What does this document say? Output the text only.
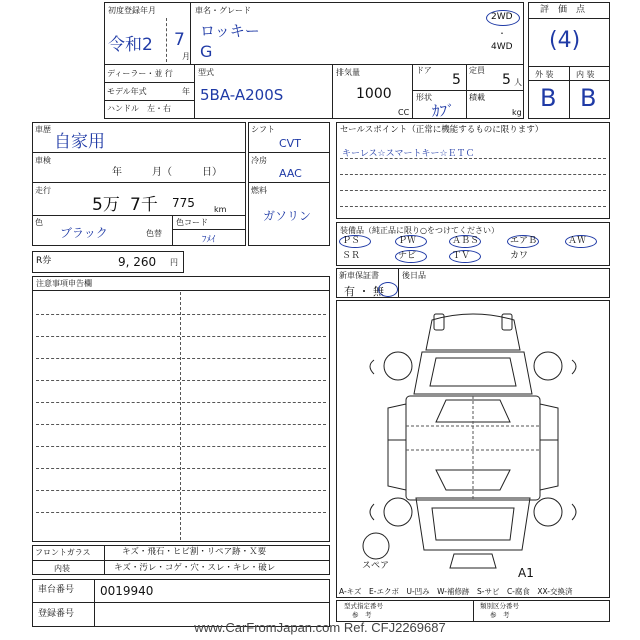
初度登録年月
令和2 7
月
車名・グレード
ロッキー
G
2WD
・
4WD
ディーラー・並 行
モデル年式	年
ハンドル　左・右
型式
5BA-A200S
排気量
1000
CC
ドア
5
定員
5 人
形状
ｶﾌﾞ
積載
kg
評　価　点
(4)
外 装	内 装
B B
車歴
自家用
車検
年　　　月（　　　日）
走行
5万 7千 775 km
色
ブラック	色替
色コード
ﾌﾒｲ
シフト
CVT
冷房
AAC
燃料
ガソリン
R券	9, 260 円
注意事項申告欄
セールスポイント（正常に機能するものに限ります）
キーレス☆スマートキー☆ＥＴＣ
装備品（純正品に限り○をつけてください）
ＰＳ	ＰＷ	ＡＢＳ	エアＢ	ＡＷ
ＳＲ	ナビ	ＴＶ	カワ
新車保証書
有 ・ 無
後日品
スペア	A1
A-キズ　E-エクボ　U-凹み　W-補修跡　S-サビ　C-腐食　XX-交換済
型式指定番号
参　考
類別区分番号
参　考
フロントガラス	キズ・飛石・ヒビ割・リペア跡・Ｘ要
内装	キズ・汚レ・コゲ・穴・スレ・キレ・破レ
車台番号 0019940
登録番号
www.CarFromJapan.com Ref. CFJ2269687
